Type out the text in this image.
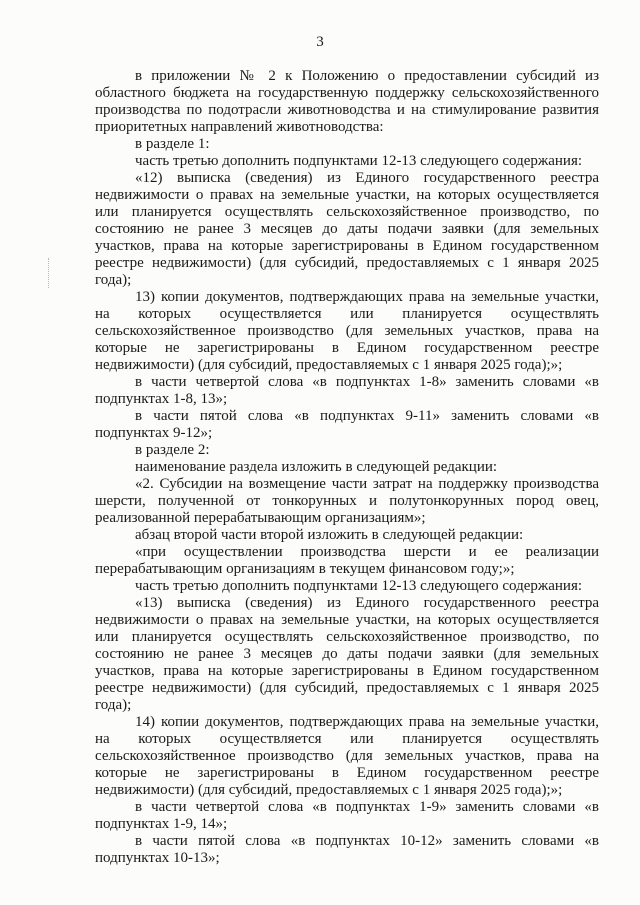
3

в приложении № 2 к Положению о предоставлении субсидий из областного бюджета на государственную поддержку сельскохозяйственного производства по подотрасли животноводства и на стимулирование развития приоритетных направлений животноводства:

в разделе 1:

часть третью дополнить подпунктами 12-13 следующего содержания:

«12) выписка (сведения) из Единого государственного реестра недвижимости о правах на земельные участки, на которых осуществляется или планируется осуществлять сельскохозяйственное производство, по состоянию не ранее 3 месяцев до даты подачи заявки (для земельных участков, права на которые зарегистрированы в Едином государственном реестре недвижимости) (для субсидий, предоставляемых с 1 января 2025 года);

13) копии документов, подтверждающих права на земельные участки, на которых осуществляется или планируется осуществлять сельскохозяйственное производство (для земельных участков, права на которые не зарегистрированы в Едином государственном реестре недвижимости) (для субсидий, предоставляемых с 1 января 2025 года);»;

в части четвертой слова «в подпунктах 1-8» заменить словами «в подпунктах 1-8, 13»;

в части пятой слова «в подпунктах 9-11» заменить словами «в подпунктах 9-12»;

в разделе 2:

наименование раздела изложить в следующей редакции:

«2. Субсидии на возмещение части затрат на поддержку производства шерсти, полученной от тонкорунных и полутонкорунных пород овец, реализованной перерабатывающим организациям»;

абзац второй части второй изложить в следующей редакции:

«при осуществлении производства шерсти и ее реализации перерабатывающим организациям в текущем финансовом году;»;

часть третью дополнить подпунктами 12-13 следующего содержания:

«13) выписка (сведения) из Единого государственного реестра недвижимости о правах на земельные участки, на которых осуществляется или планируется осуществлять сельскохозяйственное производство, по состоянию не ранее 3 месяцев до даты подачи заявки (для земельных участков, права на которые зарегистрированы в Едином государственном реестре недвижимости) (для субсидий, предоставляемых с 1 января 2025 года);

14) копии документов, подтверждающих права на земельные участки, на которых осуществляется или планируется осуществлять сельскохозяйственное производство (для земельных участков, права на которые не зарегистрированы в Едином государственном реестре недвижимости) (для субсидий, предоставляемых с 1 января 2025 года);»;

в части четвертой слова «в подпунктах 1-9» заменить словами «в подпунктах 1-9, 14»;

в части пятой слова «в подпунктах 10-12» заменить словами «в подпунктах 10-13»;
